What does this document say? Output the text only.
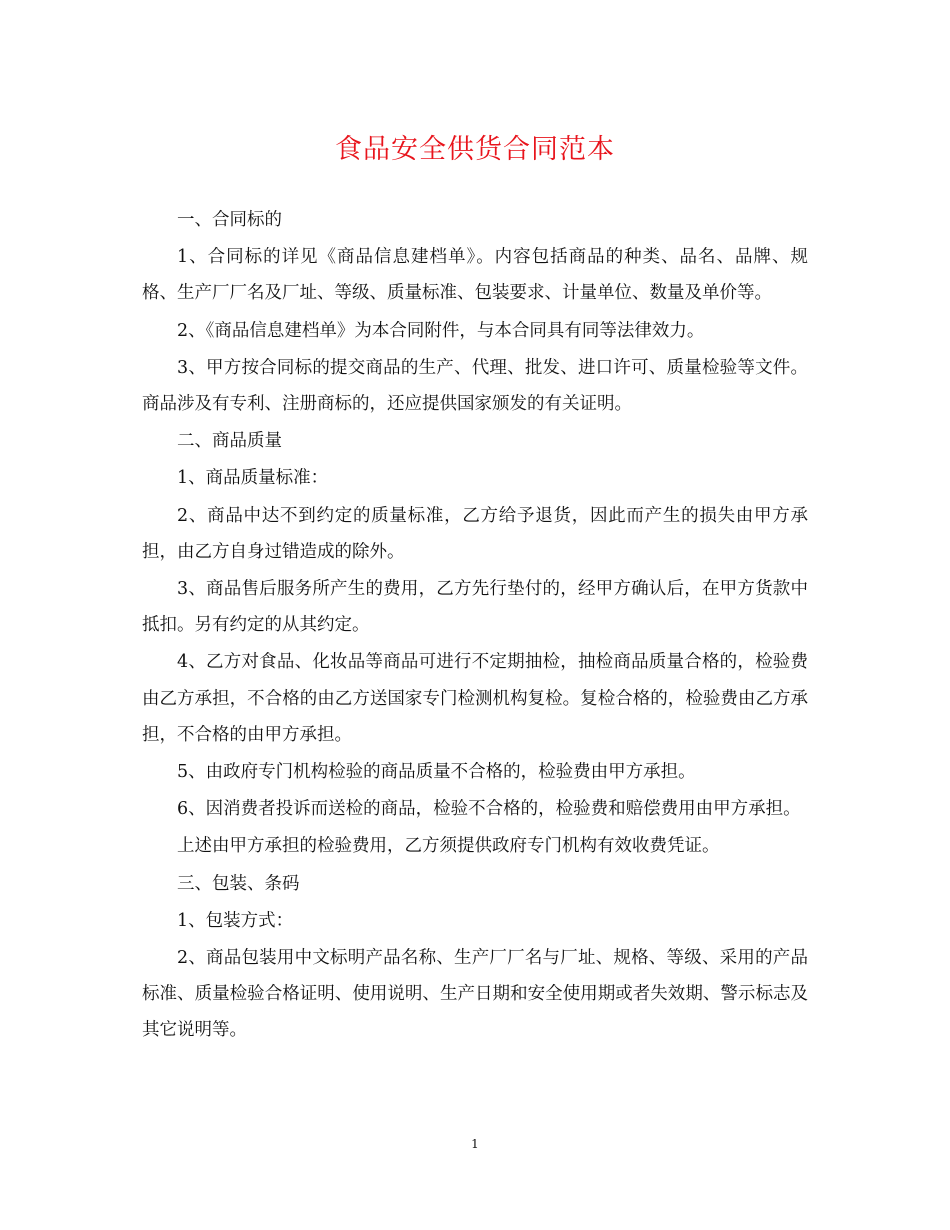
食品安全供货合同范本

一、合同标的

1、合同标的详见《商品信息建档单》。内容包括商品的种类、品名、品牌、规格、生产厂厂名及厂址、等级、质量标准、包装要求、计量单位、数量及单价等。

2、《商品信息建档单》为本合同附件，与本合同具有同等法律效力。

3、甲方按合同标的提交商品的生产、代理、批发、进口许可、质量检验等文件。商品涉及有专利、注册商标的，还应提供国家颁发的有关证明。

二、商品质量

1、商品质量标准：

2、商品中达不到约定的质量标准，乙方给予退货，因此而产生的损失由甲方承担，由乙方自身过错造成的除外。

3、商品售后服务所产生的费用，乙方先行垫付的，经甲方确认后，在甲方货款中抵扣。另有约定的从其约定。

4、乙方对食品、化妆品等商品可进行不定期抽检，抽检商品质量合格的，检验费由乙方承担，不合格的由乙方送国家专门检测机构复检。复检合格的，检验费由乙方承担，不合格的由甲方承担。

5、由政府专门机构检验的商品质量不合格的，检验费由甲方承担。

6、因消费者投诉而送检的商品，检验不合格的，检验费和赔偿费用由甲方承担。

上述由甲方承担的检验费用，乙方须提供政府专门机构有效收费凭证。

三、包装、条码

1、包装方式：

2、商品包装用中文标明产品名称、生产厂厂名与厂址、规格、等级、采用的产品标准、质量检验合格证明、使用说明、生产日期和安全使用期或者失效期、警示标志及其它说明等。

1
